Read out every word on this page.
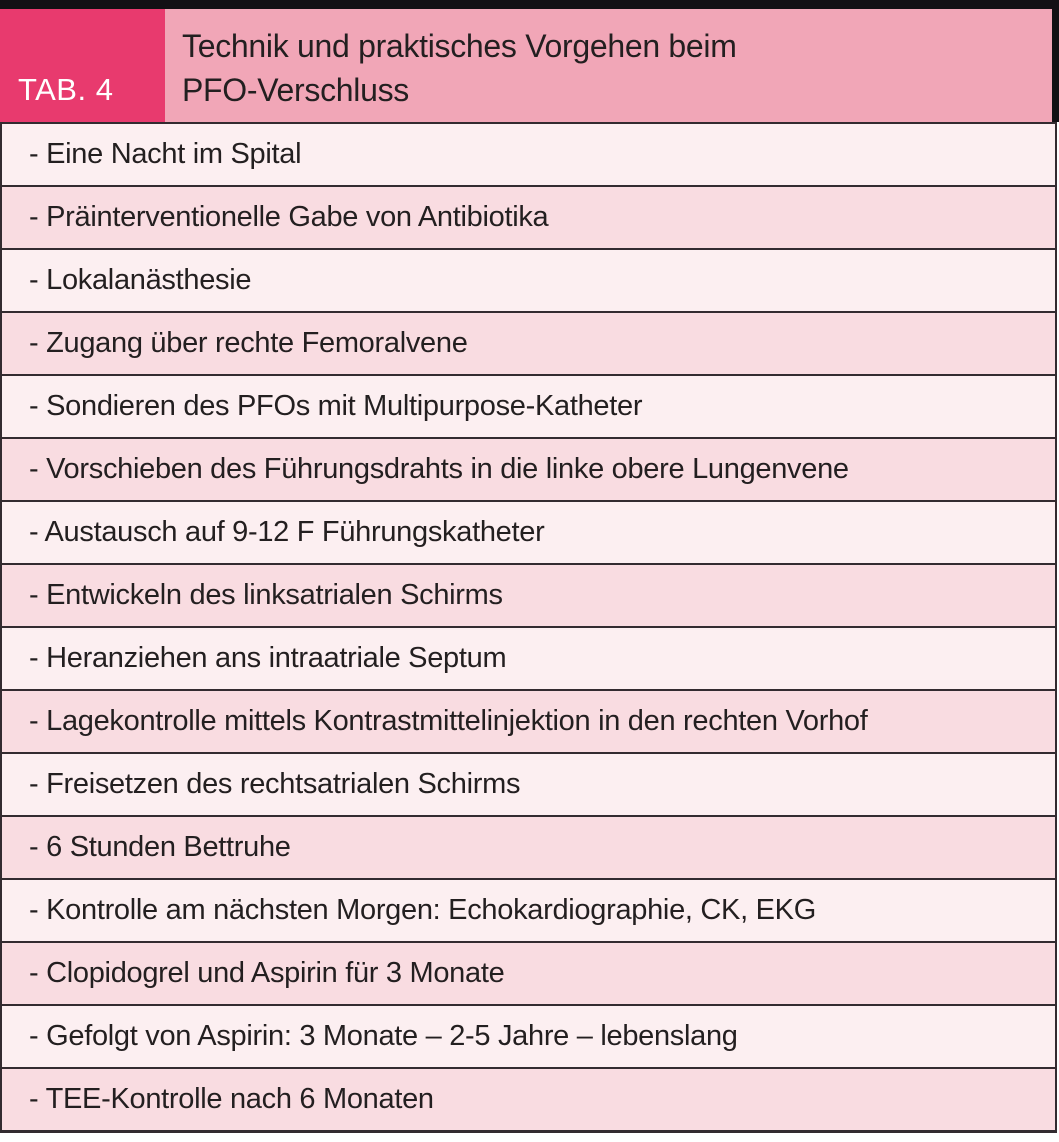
TAB. 4
Technik und praktisches Vorgehen beim
PFO-Verschluss
- Eine Nacht im Spital
- Präinterventionelle Gabe von Antibiotika
- Lokalanästhesie
- Zugang über rechte Femoralvene
- Sondieren des PFOs mit Multipurpose-Katheter
- Vorschieben des Führungsdrahts in die linke obere Lungenvene
- Austausch auf 9-12 F Führungskatheter
- Entwickeln des linksatrialen Schirms
- Heranziehen ans intraatriale Septum
- Lagekontrolle mittels Kontrastmittelinjektion in den rechten Vorhof
- Freisetzen des rechtsatrialen Schirms
- 6 Stunden Bettruhe
- Kontrolle am nächsten Morgen: Echokardiographie, CK, EKG
- Clopidogrel und Aspirin für 3 Monate
- Gefolgt von Aspirin: 3 Monate – 2-5 Jahre – lebenslang
- TEE-Kontrolle nach 6 Monaten
